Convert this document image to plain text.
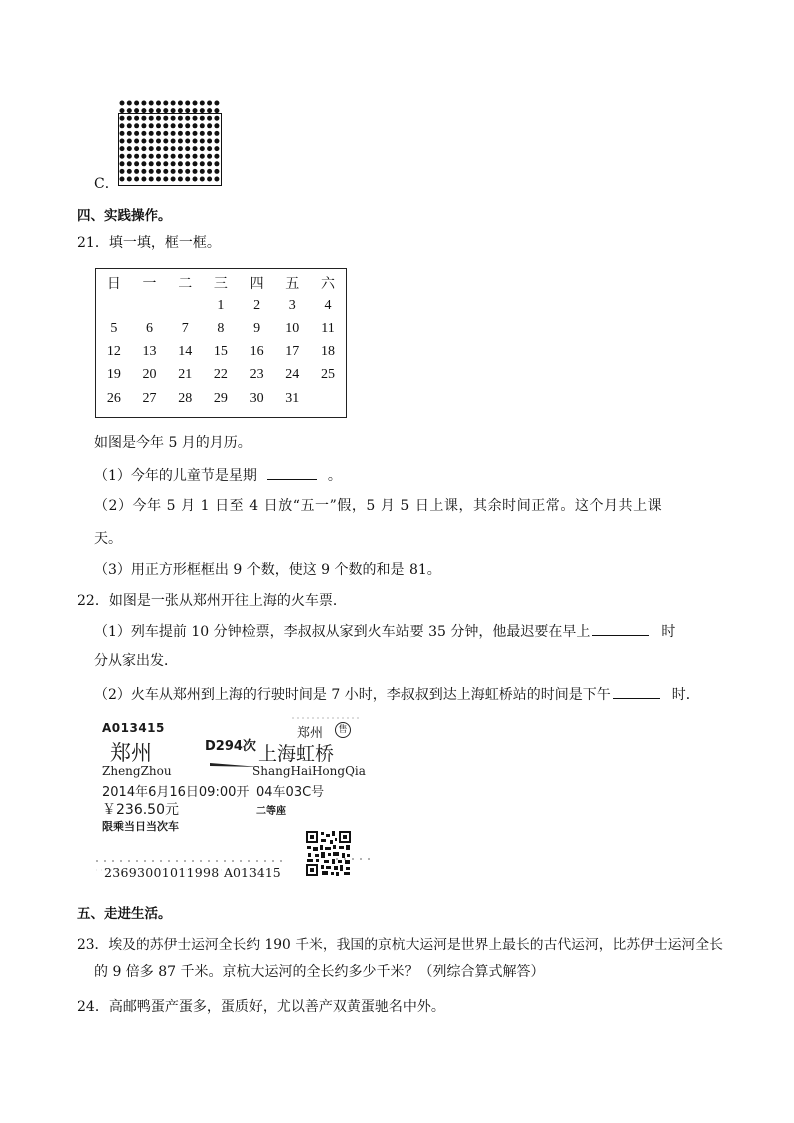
C．
四、实践操作。
21．填一填，框一框。
日	一	二	三	四	五	六
			1	2	3	4
5	6	7	8	9	10	11
12	13	14	15	16	17	18
19	20	21	22	23	24	25
26	27	28	29	30	31	
如图是今年 5 月的月历。
（1）今年的儿童节是星期	。
（2）今年 5 月 1 日至 4 日放“五一”假，5 月 5 日上课，其余时间正常。这个月共上课
天。
（3）用正方形框框出 9 个数，使这 9 个数的和是 81。
22．如图是一张从郑州开往上海的火车票．
（1）列车提前 10 分钟检票，李叔叔从家到火车站要 35 分钟，他最迟要在早上	时
分从家出发．
（2）火车从郑州到上海的行驶时间是 7 小时，李叔叔到达上海虹桥站的时间是下午	时．
A013415
郑州	D294次 上海虹桥
郑州	售
ZhengZhou	ShangHaiHongQia
2014年6月16日09:00开 04车03C号
￥236.50元	二等座
限乘当日当次车
23693001011998 A013415
五、走进生活。
23．埃及的苏伊士运河全长约 190 千米，我国的京杭大运河是世界上最长的古代运河，比苏伊士运河全长
的 9 倍多 87 千米。京杭大运河的全长约多少千米？（列综合算式解答）
24．高邮鸭蛋产蛋多，蛋质好，尤以善产双黄蛋驰名中外。
